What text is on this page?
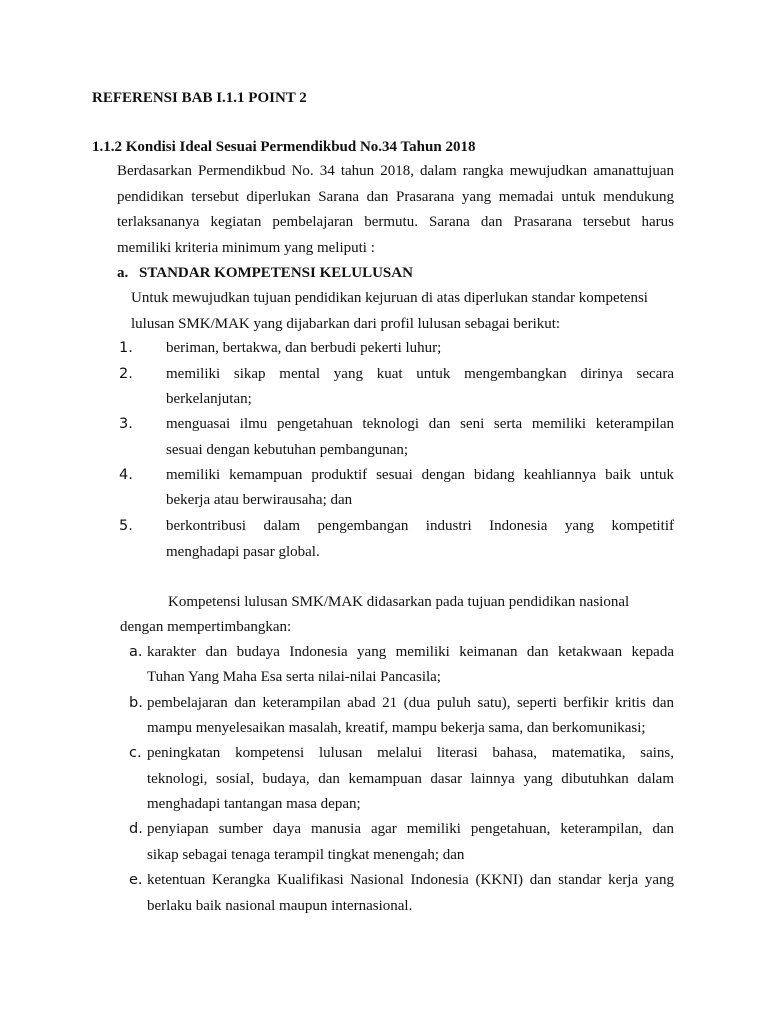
REFERENSI BAB I.1.1 POINT 2
1.1.2 Kondisi Ideal Sesuai Permendikbud No.34 Tahun 2018
Berdasarkan Permendikbud No. 34 tahun 2018, dalam rangka mewujudkan amanattujuan
pendidikan tersebut diperlukan Sarana dan Prasarana yang memadai untuk mendukung
terlaksananya kegiatan pembelajaran bermutu. Sarana dan Prasarana tersebut harus
memiliki kriteria minimum yang meliputi :
a. STANDAR KOMPETENSI KELULUSAN
Untuk mewujudkan tujuan pendidikan kejuruan di atas diperlukan standar kompetensi
lulusan SMK/MAK yang dijabarkan dari profil lulusan sebagai berikut:
1. beriman, bertakwa, dan berbudi pekerti luhur;
2. memiliki sikap mental yang kuat untuk mengembangkan dirinya secara
berkelanjutan;
3. menguasai ilmu pengetahuan teknologi dan seni serta memiliki keterampilan
sesuai dengan kebutuhan pembangunan;
4. memiliki kemampuan produktif sesuai dengan bidang keahliannya baik untuk
bekerja atau berwirausaha; dan
5. berkontribusi dalam pengembangan industri Indonesia yang kompetitif
menghadapi pasar global.
Kompetensi lulusan SMK/MAK didasarkan pada tujuan pendidikan nasional
dengan mempertimbangkan:
a. karakter dan budaya Indonesia yang memiliki keimanan dan ketakwaan kepada
Tuhan Yang Maha Esa serta nilai-nilai Pancasila;
b. pembelajaran dan keterampilan abad 21 (dua puluh satu), seperti berfikir kritis dan
mampu menyelesaikan masalah, kreatif, mampu bekerja sama, dan berkomunikasi;
c. peningkatan kompetensi lulusan melalui literasi bahasa, matematika, sains,
teknologi, sosial, budaya, dan kemampuan dasar lainnya yang dibutuhkan dalam
menghadapi tantangan masa depan;
d. penyiapan sumber daya manusia agar memiliki pengetahuan, keterampilan, dan
sikap sebagai tenaga terampil tingkat menengah; dan
e. ketentuan Kerangka Kualifikasi Nasional Indonesia (KKNI) dan standar kerja yang
berlaku baik nasional maupun internasional.
